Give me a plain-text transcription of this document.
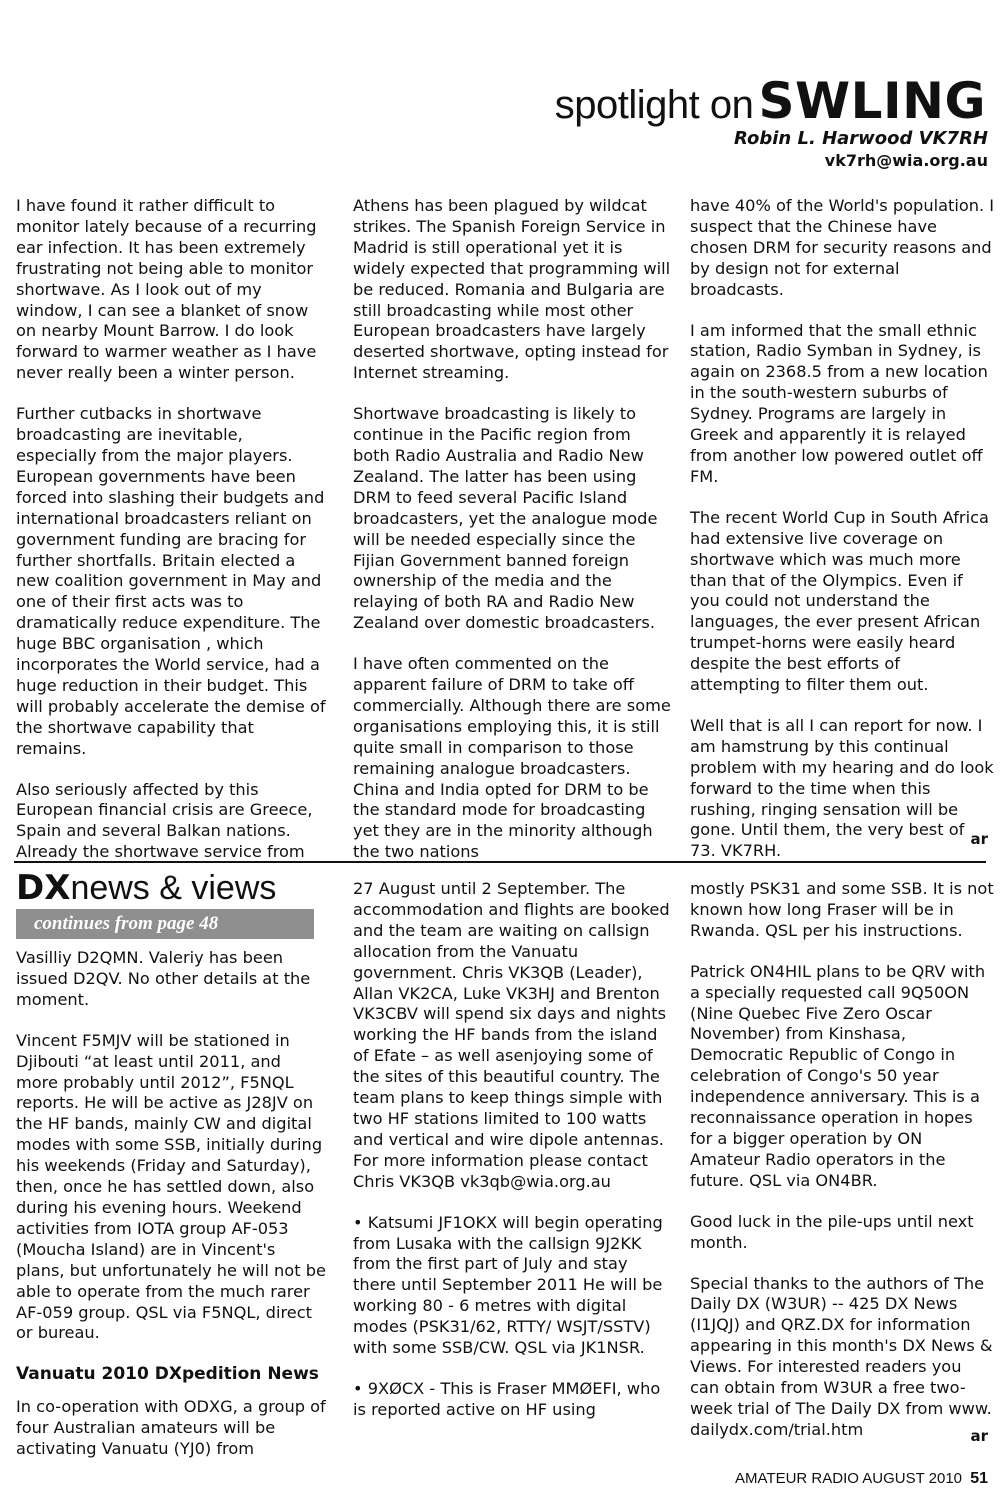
spotlight on SWLING
Robin L. Harwood VK7RH
vk7rh@wia.org.au

I have found it rather difficult to monitor lately because of a recurring ear infection. It has been extremely frustrating not being able to monitor shortwave. As I look out of my window, I can see a blanket of snow on nearby Mount Barrow. I do look forward to warmer weather as I have never really been a winter person.

Further cutbacks in shortwave broadcasting are inevitable, especially from the major players. European governments have been forced into slashing their budgets and international broadcasters reliant on government funding are bracing for further shortfalls. Britain elected a new coalition government in May and one of their first acts was to dramatically reduce expenditure. The huge BBC organisation , which incorporates the World service, had a huge reduction in their budget. This will probably accelerate the demise of the shortwave capability that remains.

Also seriously affected by this European financial crisis are Greece, Spain and several Balkan nations. Already the shortwave service from

Athens has been plagued by wildcat strikes. The Spanish Foreign Service in Madrid is still operational yet it is widely expected that programming will be reduced. Romania and Bulgaria are still broadcasting while most other European broadcasters have largely deserted shortwave, opting instead for Internet streaming.

Shortwave broadcasting is likely to continue in the Pacific region from both Radio Australia and Radio New Zealand. The latter has been using DRM to feed several Pacific Island broadcasters, yet the analogue mode will be needed especially since the Fijian Government banned foreign ownership of the media and the relaying of both RA and Radio New Zealand over domestic broadcasters.

I have often commented on the apparent failure of DRM to take off commercially. Although there are some organisations employing this, it is still quite small in comparison to those remaining analogue broadcasters. China and India opted for DRM to be the standard mode for broadcasting yet they are in the minority although the two nations

have 40% of the World's population. I suspect that the Chinese have chosen DRM for security reasons and by design not for external broadcasts.

I am informed that the small ethnic station, Radio Symban in Sydney, is again on 2368.5 from a new location in the south-western suburbs of Sydney. Programs are largely in Greek and apparently it is relayed from another low powered outlet off FM.

The recent World Cup in South Africa had extensive live coverage on shortwave which was much more than that of the Olympics. Even if you could not understand the languages, the ever present African trumpet-horns were easily heard despite the best efforts of attempting to filter them out.

Well that is all I can report for now. I am hamstrung by this continual problem with my hearing and do look forward to the time when this rushing, ringing sensation will be gone. Until them, the very best of 73. VK7RH.

ar
DXnews & views
continues from page 48

Vasilliy D2QMN. Valeriy has been issued D2QV. No other details at the moment.

Vincent F5MJV will be stationed in Djibouti “at least until 2011, and more probably until 2012”, F5NQL reports. He will be active as J28JV on the HF bands, mainly CW and digital modes with some SSB, initially during his weekends (Friday and Saturday), then, once he has settled down, also during his evening hours. Weekend activities from IOTA group AF-053 (Moucha Island) are in Vincent's plans, but unfortunately he will not be able to operate from the much rarer AF-059 group. QSL via F5NQL, direct or bureau.

Vanuatu 2010 DXpedition News

In co-operation with ODXG, a group of four Australian amateurs will be activating Vanuatu (YJ0) from

27 August until 2 September. The accommodation and flights are booked and the team are waiting on callsign allocation from the Vanuatu government. Chris VK3QB (Leader), Allan VK2CA, Luke VK3HJ and Brenton VK3CBV will spend six days and nights working the HF bands from the island of Efate – as well asenjoying some of the sites of this beautiful country. The team plans to keep things simple with two HF stations limited to 100 watts and vertical and wire dipole antennas. For more information please contact Chris VK3QB vk3qb@wia.org.au

• Katsumi JF1OKX will begin operating from Lusaka with the callsign 9J2KK from the first part of July and stay there until September 2011 He will be working 80 - 6 metres with digital modes (PSK31/62, RTTY/ WSJT/SSTV) with some SSB/CW. QSL via JK1NSR.

• 9XØCX - This is Fraser MMØEFI, who is reported active on HF using

mostly PSK31 and some SSB. It is not known how long Fraser will be in Rwanda. QSL per his instructions.

Patrick ON4HIL plans to be QRV with a specially requested call 9Q50ON (Nine Quebec Five Zero Oscar November) from Kinshasa, Democratic Republic of Congo in celebration of Congo's 50 year independence anniversary. This is a reconnaissance operation in hopes for a bigger operation by ON Amateur Radio operators in the future. QSL via ON4BR.

Good luck in the pile-ups until next month.

Special thanks to the authors of The Daily DX (W3UR) -- 425 DX News (I1JQJ) and QRZ.DX for information appearing in this month's DX News & Views. For interested readers you can obtain from W3UR a free two-week trial of The Daily DX from www. dailydx.com/trial.htm	ar
AMATEUR RADIO AUGUST 2010 51
